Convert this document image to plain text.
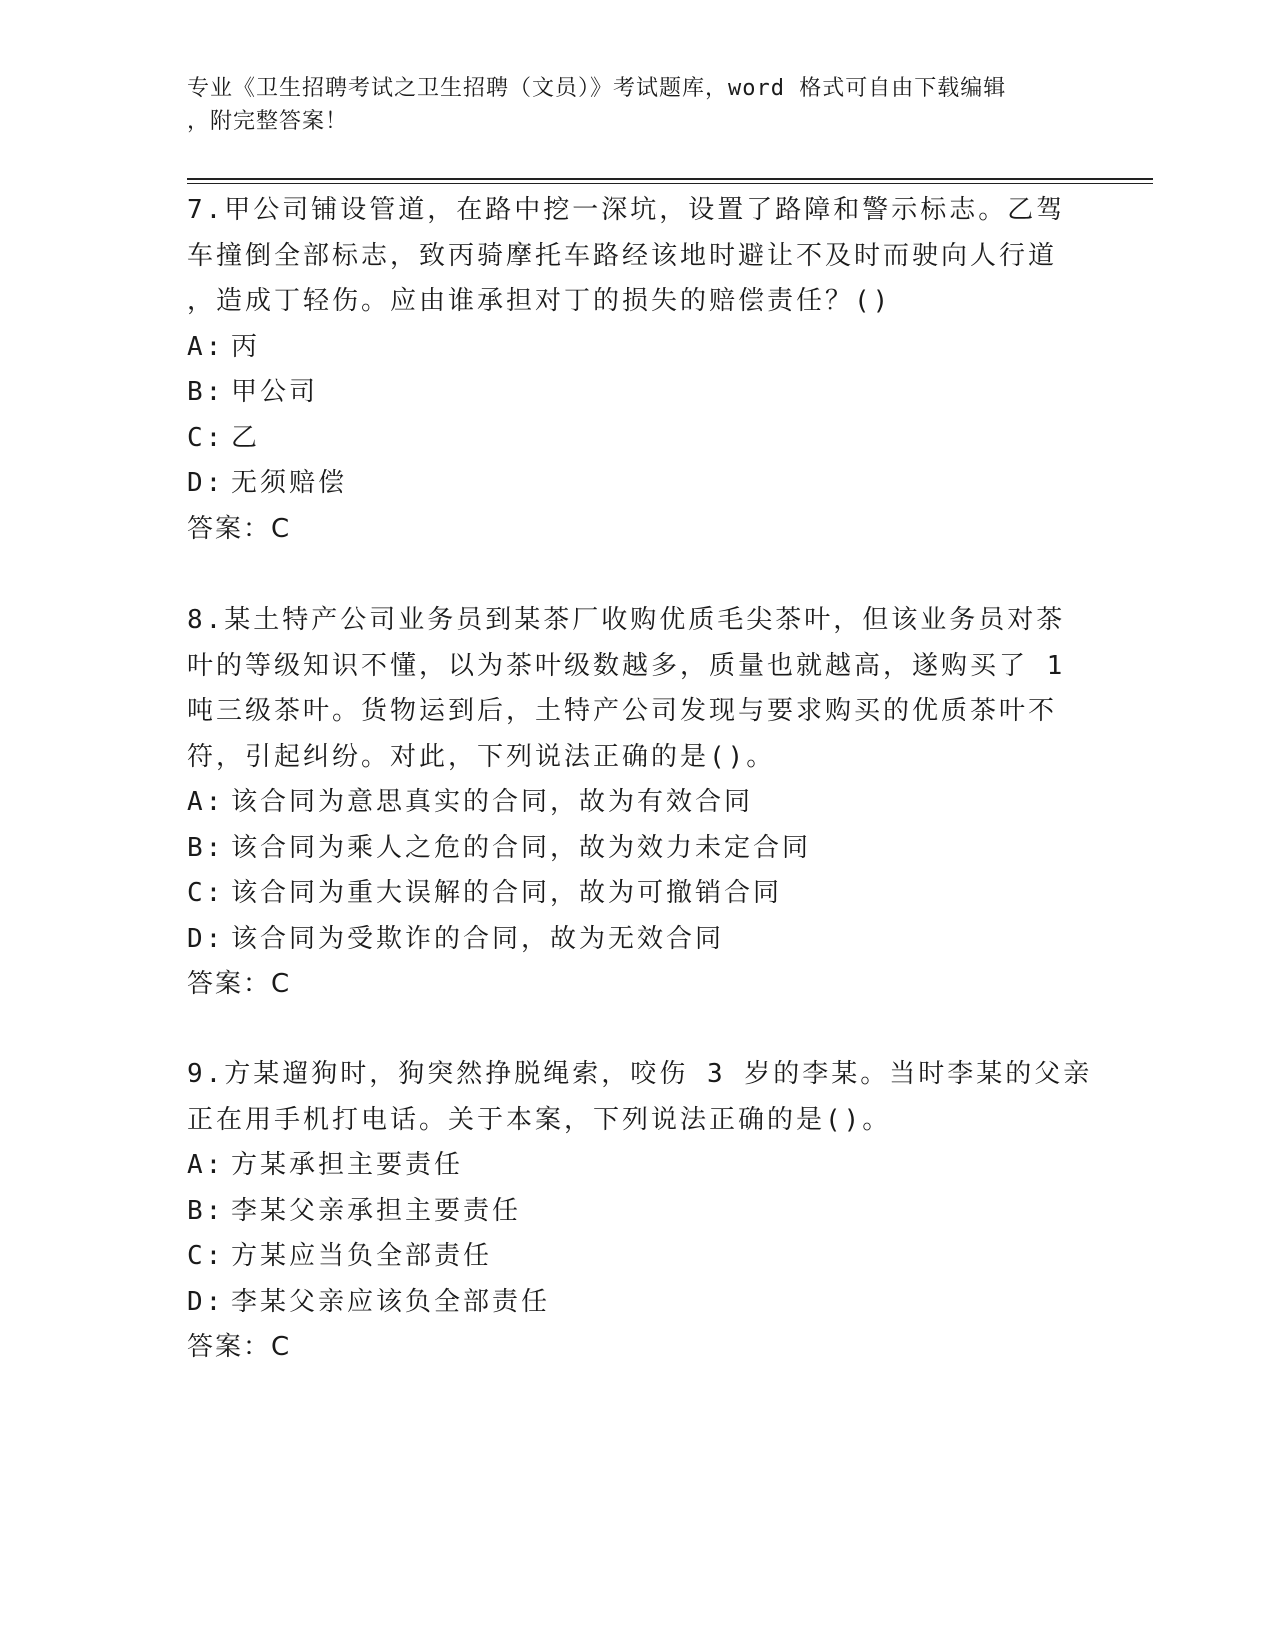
专业《卫生招聘考试之卫生招聘（文员）》考试题库，word 格式可自由下载编辑
，附完整答案！
7.甲公司铺设管道，在路中挖一深坑，设置了路障和警示标志。乙驾
车撞倒全部标志，致丙骑摩托车路经该地时避让不及时而驶向人行道
，造成丁轻伤。应由谁承担对丁的损失的赔偿责任？()
A: 丙
B: 甲公司
C: 乙
D: 无须赔偿
答案：C
8.某土特产公司业务员到某茶厂收购优质毛尖茶叶，但该业务员对茶
叶的等级知识不懂，以为茶叶级数越多，质量也就越高，遂购买了 1
吨三级茶叶。货物运到后，土特产公司发现与要求购买的优质茶叶不
符，引起纠纷。对此，下列说法正确的是()。
A: 该合同为意思真实的合同，故为有效合同
B: 该合同为乘人之危的合同，故为效力未定合同
C: 该合同为重大误解的合同，故为可撤销合同
D: 该合同为受欺诈的合同，故为无效合同
答案：C
9.方某遛狗时，狗突然挣脱绳索，咬伤 3 岁的李某。当时李某的父亲
正在用手机打电话。关于本案，下列说法正确的是()。
A: 方某承担主要责任
B: 李某父亲承担主要责任
C: 方某应当负全部责任
D: 李某父亲应该负全部责任
答案：C
